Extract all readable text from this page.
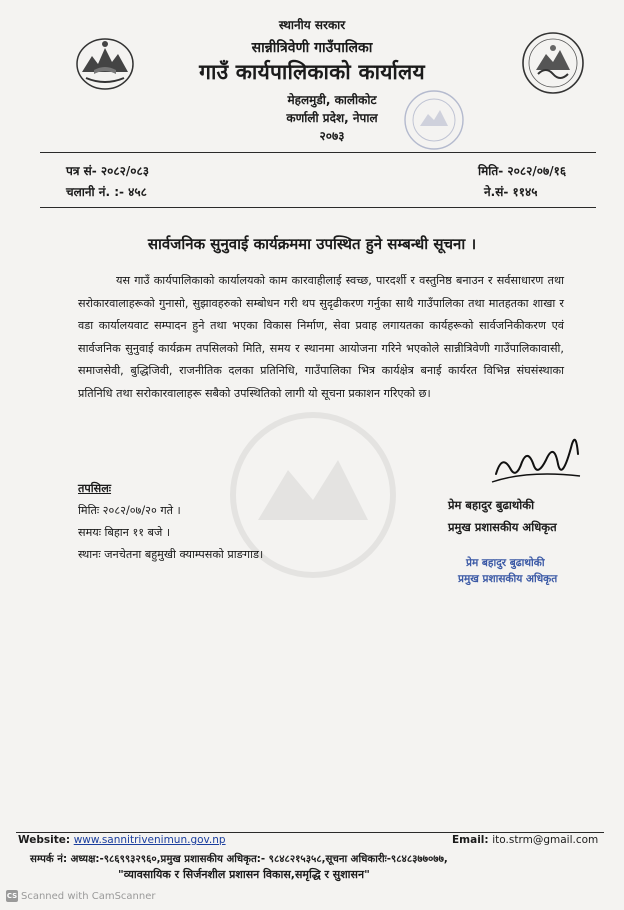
स्थानीय सरकार
सान्नीत्रिवेणी गाउँपालिका
गाउँ कार्यपालिकाको कार्यालय
मेहलमुडी, कालीकोट
कर्णाली प्रदेश, नेपाल
२०७३
पत्र सं- २०८२/०८३
चलानी नं. :- ४५८
मिति- २०८२/०७/१६
ने.सं- ११४५
सार्वजनिक सुनुवाई कार्यक्रममा उपस्थित हुने सम्बन्धी सूचना ।

यस गाउँ कार्यपालिकाको कार्यालयको काम कारवाहीलाई स्वच्छ, पारदर्शी र वस्तुनिष्ठ बनाउन र सर्वसाधारण तथा सरोकारवालाहरूको गुनासो, सुझावहरुको सम्बोधन गरी थप सुदृढीकरण गर्नुका साथै गाउँपालिका तथा मातहतका शाखा र वडा कार्यालयवाट सम्पादन हुने तथा भएका विकास निर्माण, सेवा प्रवाह लगायतका कार्यहरूको सार्वजनिकीकरण एवं सार्वजनिक सुनुवाई कार्यक्रम तपसिलको मिति, समय र स्थानमा आयोजना गरिने भएकोले सान्नीत्रिवेणी गाउँपालिकावासी, समाजसेवी, बुद्धिजिवी, राजनीतिक दलका प्रतिनिधि, गाउँपालिका भित्र कार्यक्षेत्र बनाई कार्यरत विभिन्न संघसंस्थाका प्रतिनिधि तथा सरोकारवालाहरू सबैको उपस्थितिको लागी यो सूचना प्रकाशन गरिएको छ।

तपसिलः
मितिः २०८२/०७/२० गते ।
समयः बिहान ११ बजे ।
स्थानः जनचेतना बहुमुखी क्याम्पसको प्राङगाड।
प्रेम बहादुर बुढाथोकी
प्रमुख प्रशासकीय अधिकृत
प्रेम बहादुर बुढाथोकी
प्रमुख प्रशासकीय अधिकृत
Website: www.sannitrivenimun.gov.np	Email: ito.strm@gmail.com
सम्पर्क नं: अध्यक्ष:-९८६९९३२९६०,प्रमुख प्रशासकीय अधिकृत:- ९८४८२१५३५८,सूचना अधिकारीः-९८४८३७७०७७,
"व्यावसायिक र सिर्जनशील प्रशासन विकास,समृद्धि र सुशासन"
CS Scanned with CamScanner
